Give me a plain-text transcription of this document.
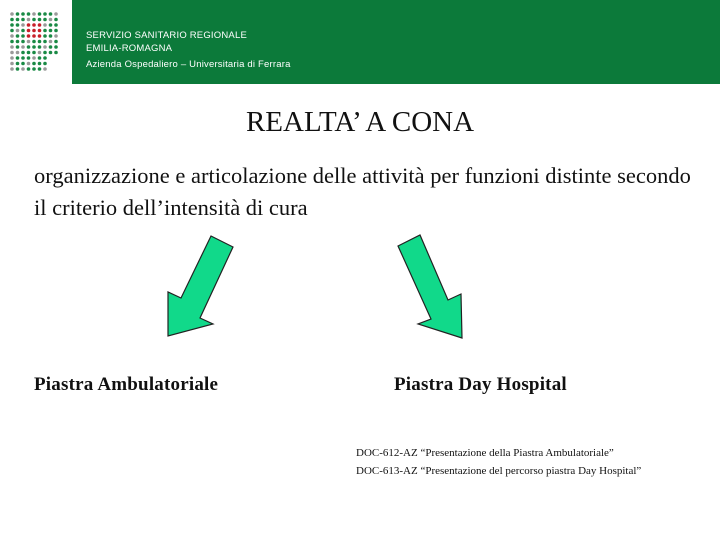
SERVIZIO SANITARIO REGIONALE
EMILIA-ROMAGNA
Azienda Ospedaliero – Universitaria di Ferrara
REALTA’ A CONA
organizzazione e articolazione delle attività per funzioni distinte secondo il criterio dell’intensità di cura
Piastra Ambulatoriale	Piastra Day Hospital
DOC-612-AZ “Presentazione della Piastra Ambulatoriale”
DOC-613-AZ “Presentazione del percorso piastra Day Hospital”
